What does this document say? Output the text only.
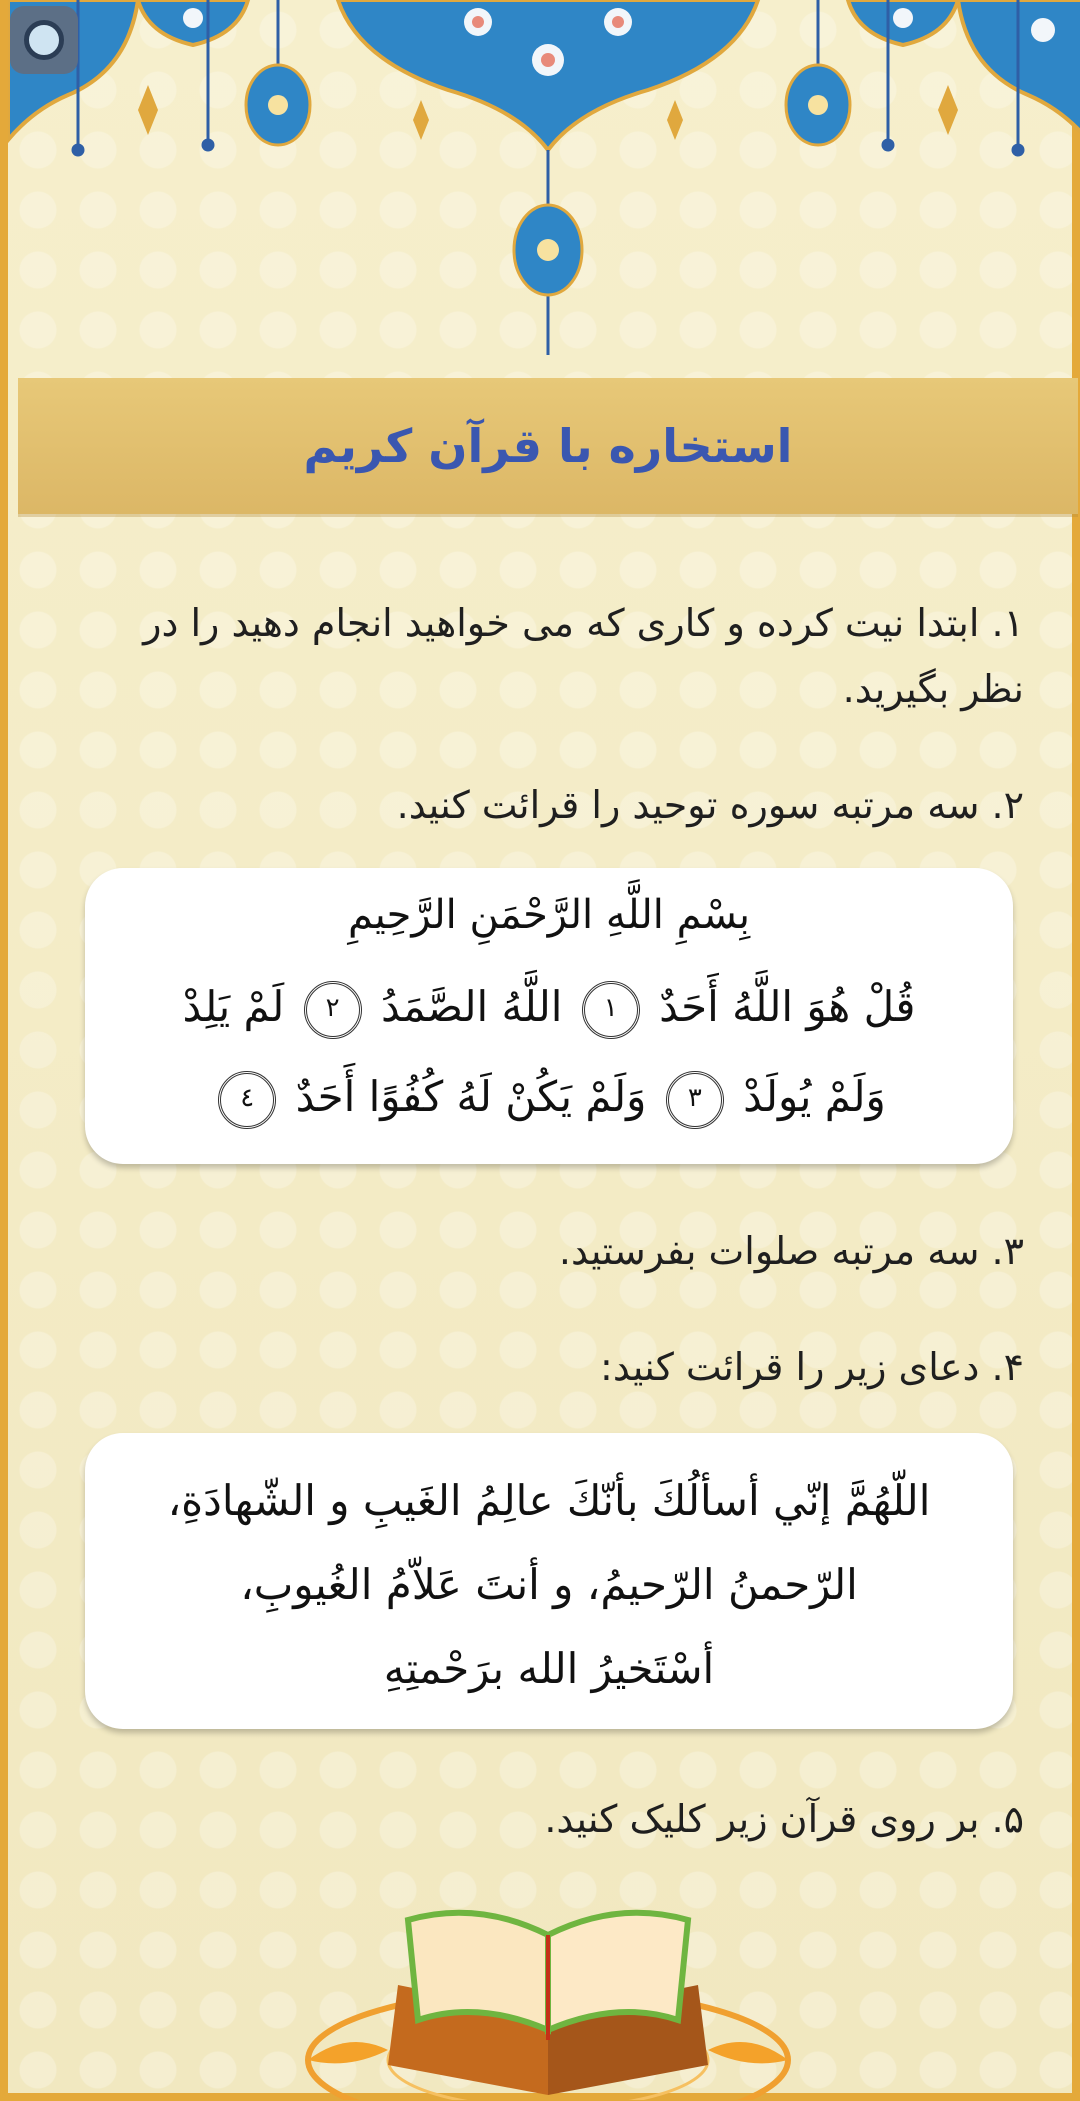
استخاره با قرآن کریم
۱. ابتدا نیت کرده و کاری که می خواهید انجام دهید را در نظر بگیرید.
۲. سه مرتبه سوره توحید را قرائت کنید.
بِسْمِ اللَّهِ الرَّحْمَنِ الرَّحِيمِ
قُلْ هُوَ اللَّهُ أَحَدٌ ١ اللَّهُ الصَّمَدُ ٢ لَمْ يَلِدْ
وَلَمْ يُولَدْ ٣ وَلَمْ يَكُنْ لَهُ كُفُوًا أَحَدٌ ٤
۳. سه مرتبه صلوات بفرستید.
۴. دعای زیر را قرائت کنید:
اللّهُمَّ إنّي أسألُكَ بأنّكَ عالِمُ الغَيبِ و الشّهادَةِ،
الرّحمنُ الرّحيمُ، و أنتَ عَلاّمُ الغُيوبِ،
أسْتَخيرُ الله برَحْمتِهِ
۵. بر روی قرآن زیر کلیک کنید.
